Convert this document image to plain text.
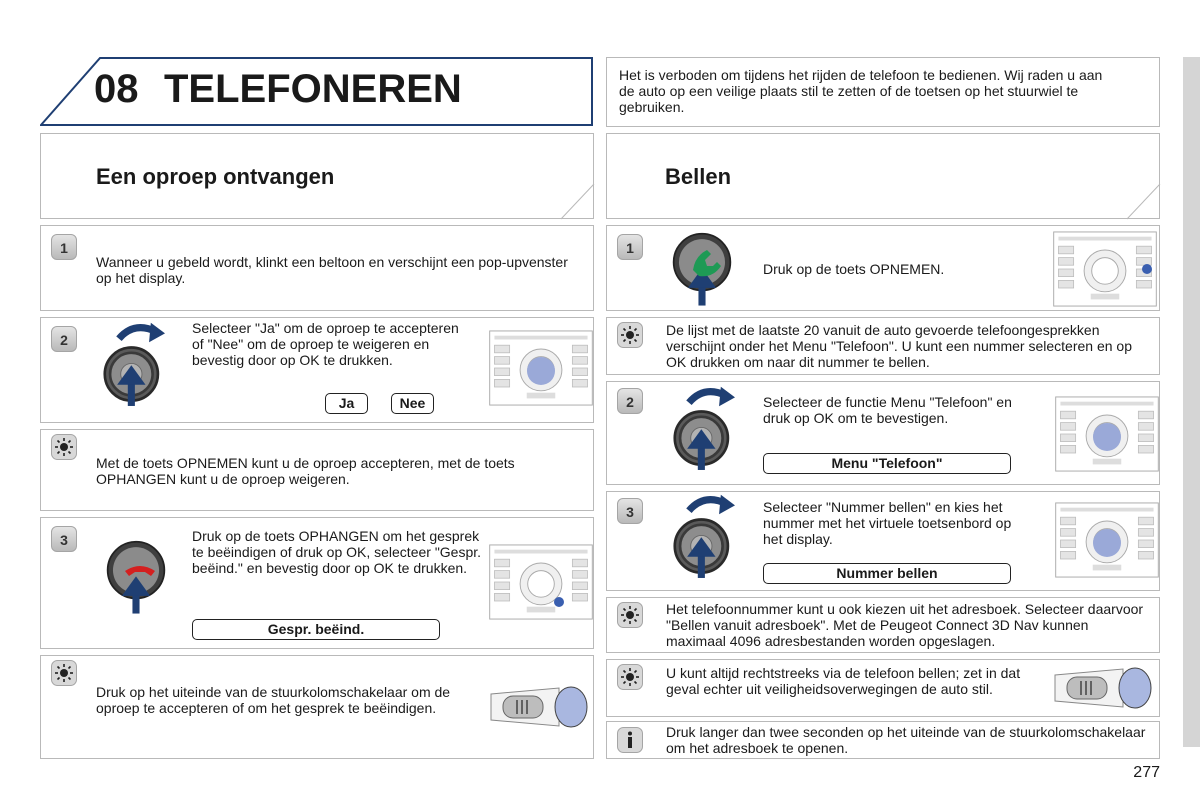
08 TELEFONEREN	Het is verboden om tijdens het rijden de telefoon te bedienen. Wij raden u aan de auto op een veilige plaats stil te zetten of de toetsen op het stuurwiel te gebruiken.
Een oproep ontvangen
1
Wanneer u gebeld wordt, klinkt een beltoon en verschijnt een pop-upvenster op het display.
2
Selecteer "Ja" om de oproep te accepteren of "Nee" om de oproep te weigeren en bevestig door op OK te drukken.
Ja	Nee
Met de toets OPNEMEN kunt u de oproep accepteren, met de toets OPHANGEN kunt u de oproep weigeren.
3	Druk op de toets OPHANGEN om het gesprek te beëindigen of druk op OK, selecteer "Gespr. beëind." en bevestig door op OK te drukken.
Gespr. beëind.
Druk op het uiteinde van de stuurkolomschakelaar om de oproep te accepteren of om het gesprek te beëindigen.
Bellen
1
Druk op de toets OPNEMEN.
De lijst met de laatste 20 vanuit de auto gevoerde telefoongesprekken verschijnt onder het Menu "Telefoon". U kunt een nummer selecteren en op OK drukken om naar dit nummer te bellen.
2	Selecteer de functie Menu "Telefoon" en druk op OK om te bevestigen.
Menu "Telefoon"
3	Selecteer "Nummer bellen" en kies het nummer met het virtuele toetsenbord op het display.
Nummer bellen
Het telefoonnummer kunt u ook kiezen uit het adresboek. Selecteer daarvoor "Bellen vanuit adresboek". Met de Peugeot Connect 3D Nav kunnen maximaal 4096 adresbestanden worden opgeslagen.
U kunt altijd rechtstreeks via de telefoon bellen; zet in dat geval echter uit veiligheidsoverwegingen de auto stil.
Druk langer dan twee seconden op het uiteinde van de stuurkolomschakelaar om het adresboek te openen.
277
